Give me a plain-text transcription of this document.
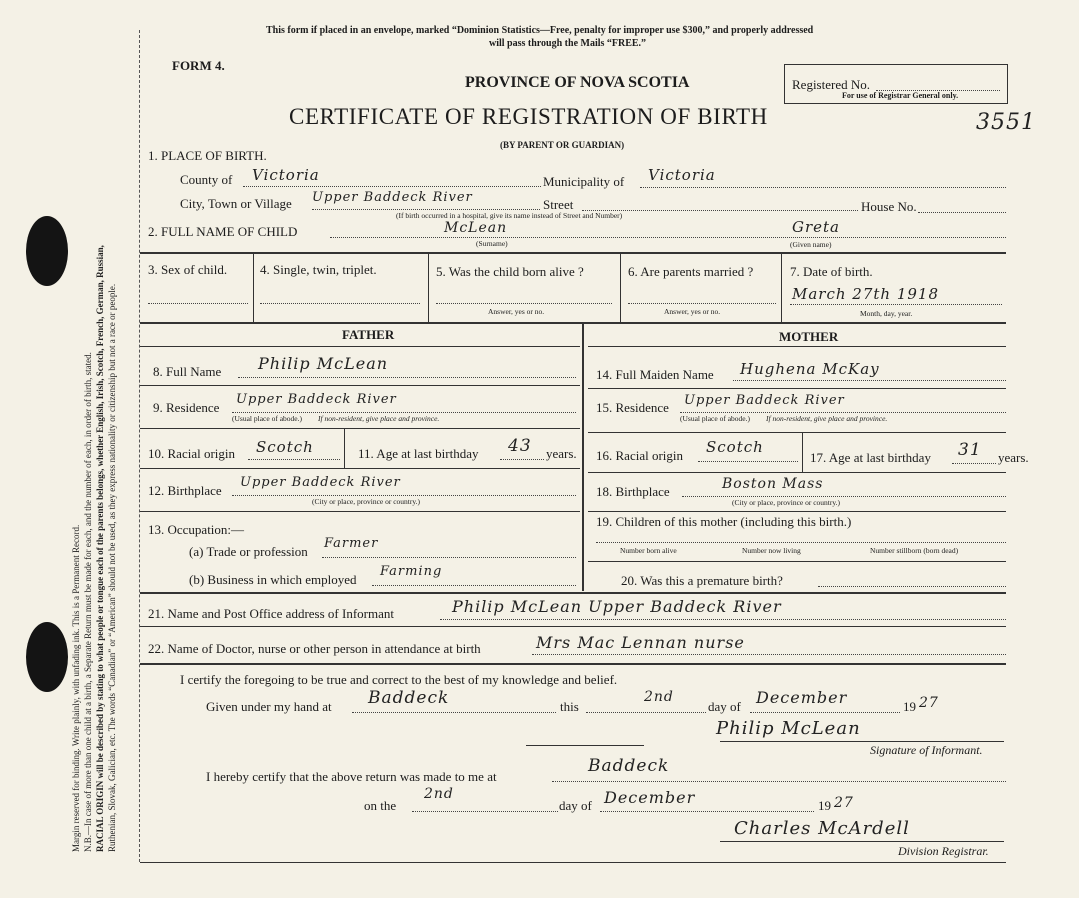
Margin reserved for binding. Write plainly, with unfading ink. This is a Permanent Record. N.B.—In case of more than one child at a birth, a Separate Return must be made for each, and the number of each, in order of birth, stated. RACIAL ORIGIN will be described by stating to what people or tongue each of the parents belongs, whether English, Irish, Scotch, French, German, Russian, Ruthenian, Slovak, Galician, etc. The words “Canadian” or “American” should not be used, as they express nationality or citizenship but not a race or people.
This form if placed in an envelope, marked “Dominion Statistics—Free, penalty for improper use $300,” and properly addressed
will pass through the Mails “FREE.”
FORM 4.
Registered No.
For use of Registrar General only.
3551
PROVINCE OF NOVA SCOTIA
CERTIFICATE OF REGISTRATION OF BIRTH
(BY PARENT OR GUARDIAN)
1. PLACE OF BIRTH.
County of Victoria	Municipality of Victoria
City, Town or Village Upper Baddeck River	Street	House No.
(If birth occurred in a hospital, give its name instead of Street and Number)
2. FULL NAME OF CHILD	McLean
(Surname)
Greta
(Given name)
3. Sex of child.	4. Single, twin, triplet.	5. Was the child born alive ?
Answer, yes or no.
6. Are parents married ?
Answer, yes or no.
7. Date of birth.
March 27th 1918
Month, day, year.
FATHER	MOTHER
8. Full Name Philip McLean
9. Residence
Upper Baddeck River
(Usual place of abode.) If non-resident, give place and province.
10. Racial origin Scotch	11. Age at last birthday 43 years.
12. Birthplace
Upper Baddeck River
(City or place, province or country.)
13. Occupation:—
(a) Trade or profession
Farmer
(b) Business in which employed
Farming
14. Full Maiden Name Hughena McKay
15. Residence Upper Baddeck River
(Usual place of abode.) If non-resident, give place and province.
16. Racial origin Scotch
17. Age at last birthday 31 years.
18. Birthplace	Boston Mass
(City or place, province or country.)
19. Children of this mother (including this birth.)
Number born alive	Number now living	Number stillborn (born dead)
20. Was this a premature birth?
21. Name and Post Office address of Informant	Philip McLean Upper Baddeck River
22. Name of Doctor, nurse or other person in attendance at birth	Mrs Mac Lennan nurse
I certify the foregoing to be true and correct to the best of my knowledge and belief.
Given under my hand at Baddeck	this
2nd
day of December	19 27
Philip McLean
Signature of Informant.
I hereby certify that the above return was made to me at
Baddeck
on the
2nd
day of December	19 27
Charles McArdell
Division Registrar.
